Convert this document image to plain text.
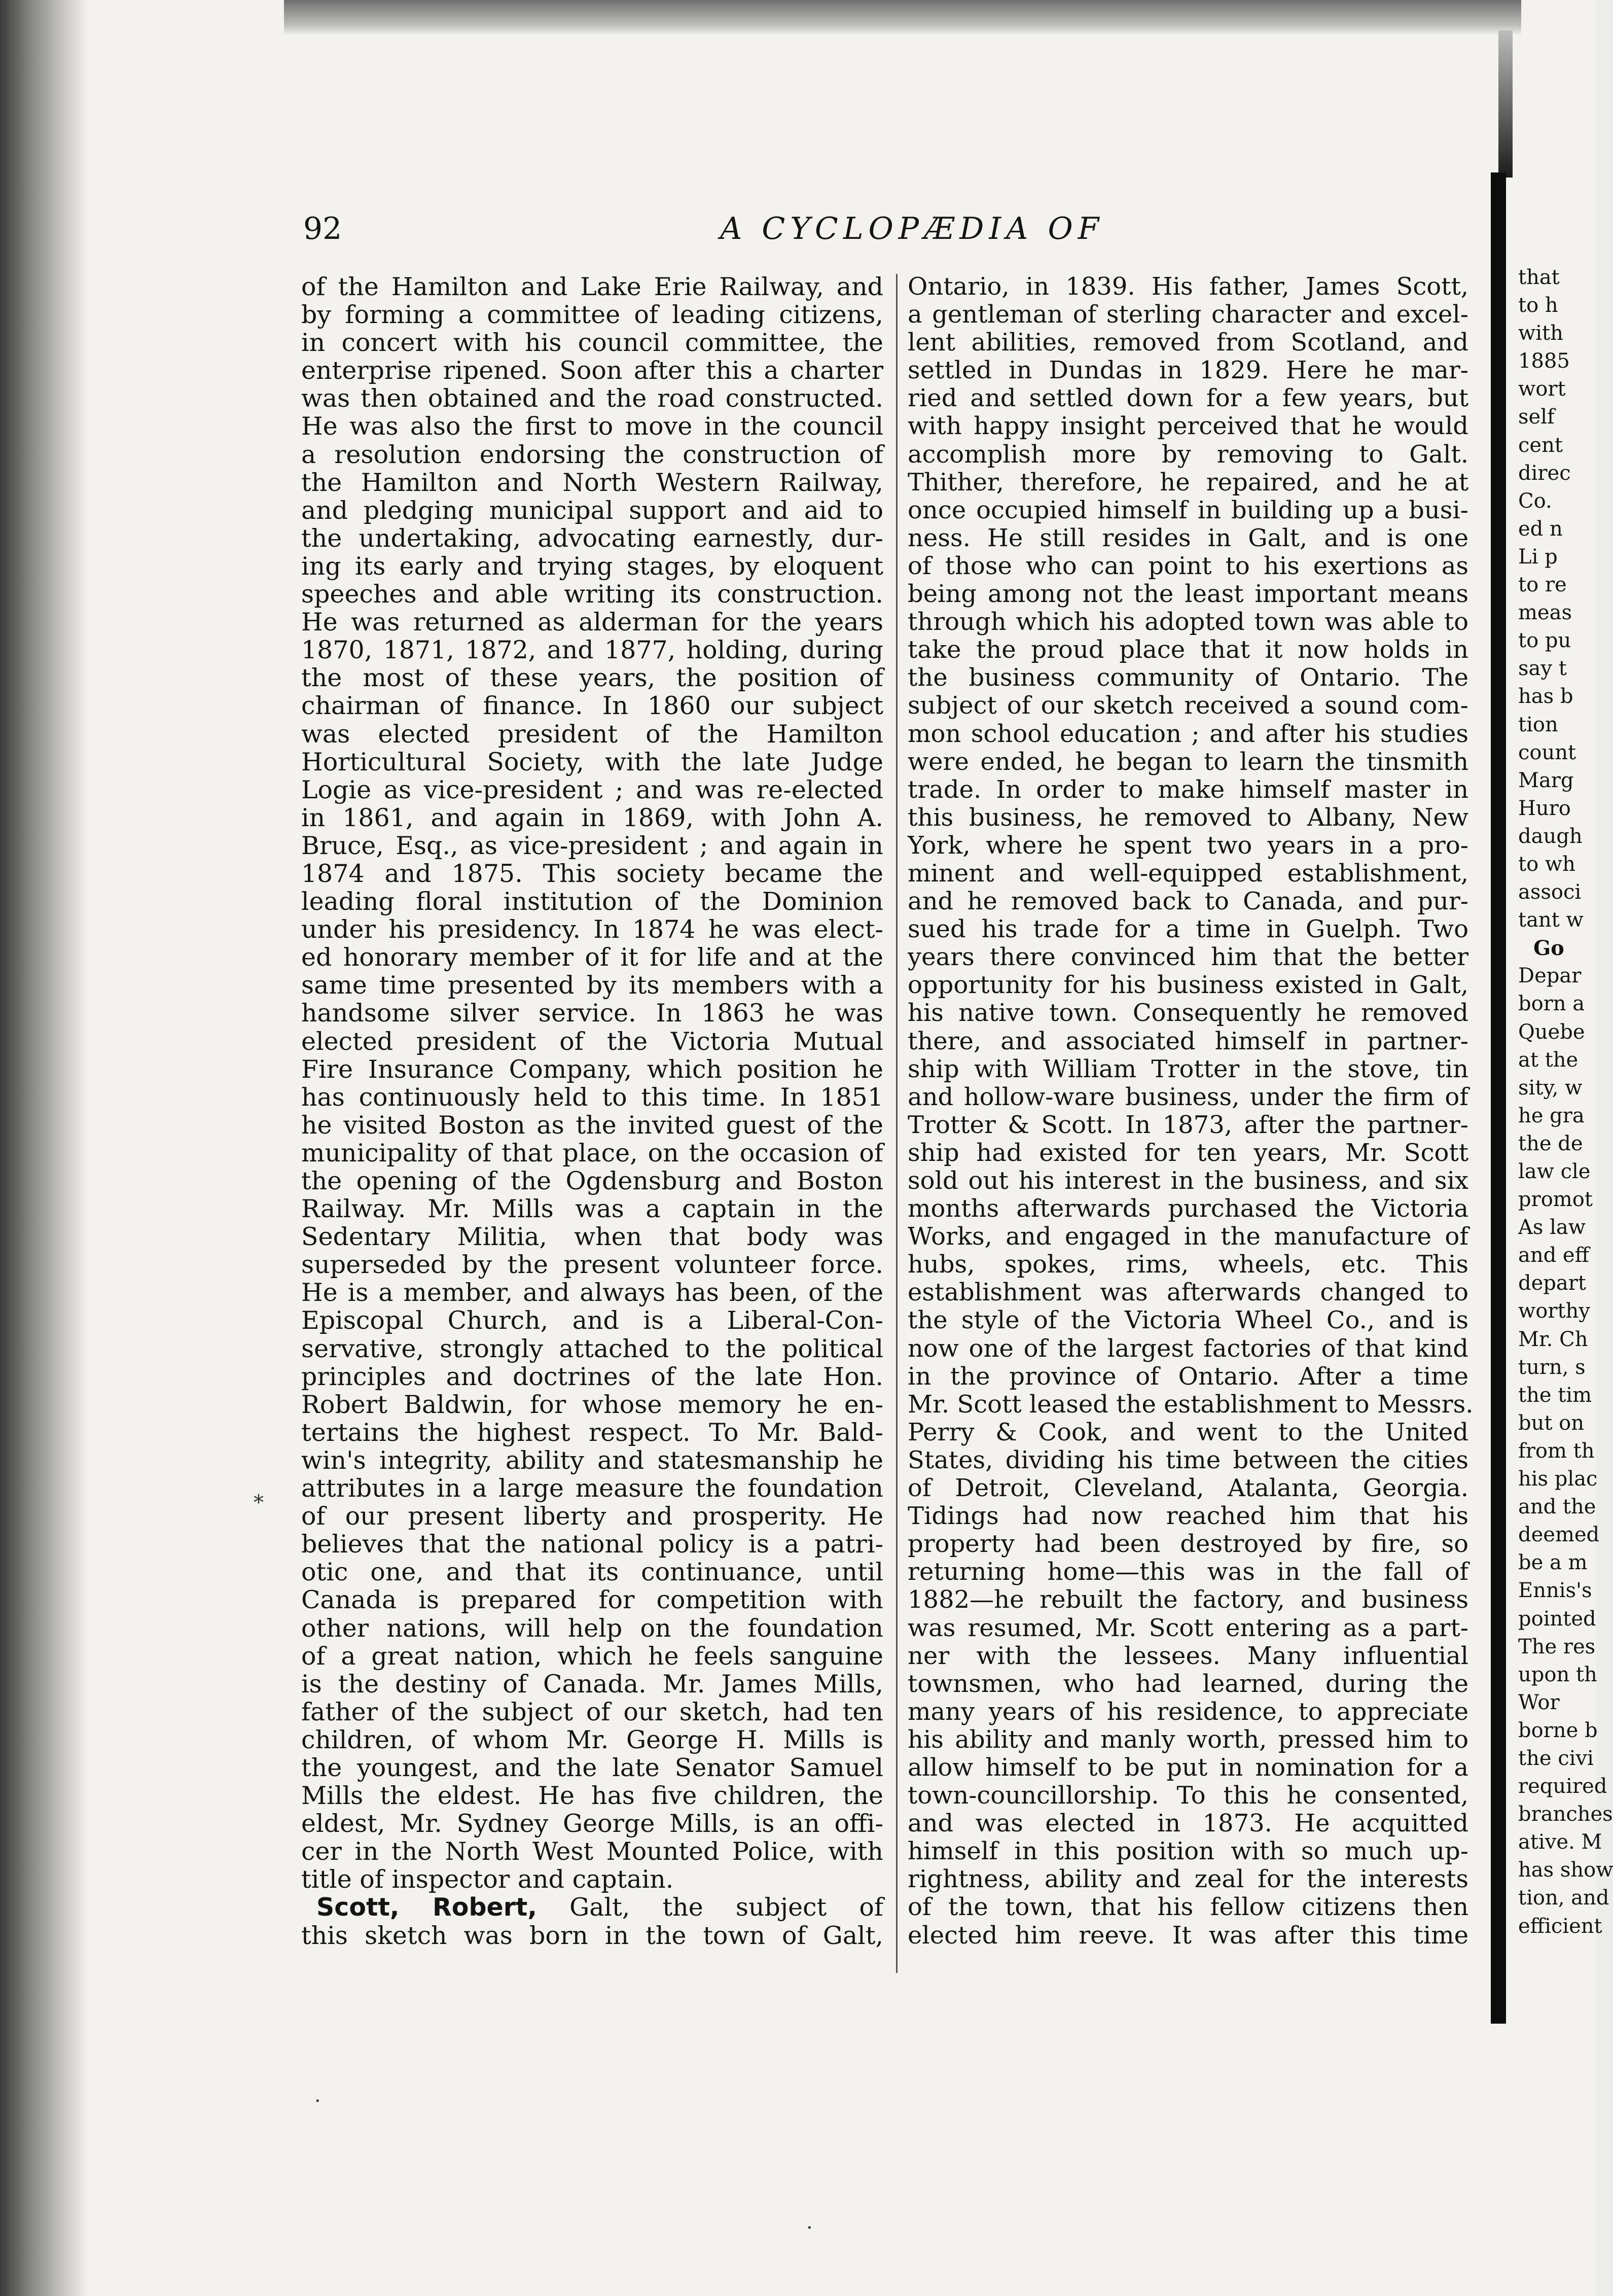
92	A CYCLOPÆDIA OF
of the Hamilton and Lake Erie Railway, and
by forming a committee of leading citizens,
in concert with his council committee, the
enterprise ripened. Soon after this a charter
was then obtained and the road constructed.
He was also the first to move in the council
a resolution endorsing the construction of
the Hamilton and North Western Railway,
and pledging municipal support and aid to
the undertaking, advocating earnestly, dur-
ing its early and trying stages, by eloquent
speeches and able writing its construction.
He was returned as alderman for the years
1870, 1871, 1872, and 1877, holding, during
the most of these years, the position of
chairman of finance. In 1860 our subject
was elected president of the Hamilton
Horticultural Society, with the late Judge
Logie as vice-president ; and was re-elected
in 1861, and again in 1869, with John A.
Bruce, Esq., as vice-president ; and again in
1874 and 1875. This society became the
leading floral institution of the Dominion
under his presidency. In 1874 he was elect-
ed honorary member of it for life and at the
same time presented by its members with a
handsome silver service. In 1863 he was
elected president of the Victoria Mutual
Fire Insurance Company, which position he
has continuously held to this time. In 1851
he visited Boston as the invited guest of the
municipality of that place, on the occasion of
the opening of the Ogdensburg and Boston
Railway. Mr. Mills was a captain in the
Sedentary Militia, when that body was
superseded by the present volunteer force.
He is a member, and always has been, of the
Episcopal Church, and is a Liberal-Con-
servative, strongly attached to the political
principles and doctrines of the late Hon.
Robert Baldwin, for whose memory he en-
tertains the highest respect. To Mr. Bald-
win's integrity, ability and statesmanship he
attributes in a large measure the foundation
of our present liberty and prosperity. He
believes that the national policy is a patri-
otic one, and that its continuance, until
Canada is prepared for competition with
other nations, will help on the foundation
of a great nation, which he feels sanguine
is the destiny of Canada. Mr. James Mills,
father of the subject of our sketch, had ten
children, of whom Mr. George H. Mills is
the youngest, and the late Senator Samuel
Mills the eldest. He has five children, the
eldest, Mr. Sydney George Mills, is an offi-
cer in the North West Mounted Police, with
title of inspector and captain.
Scott, Robert, Galt, the subject of
this sketch was born in the town of Galt,
Ontario, in 1839. His father, James Scott,
a gentleman of sterling character and excel-
lent abilities, removed from Scotland, and
settled in Dundas in 1829. Here he mar-
ried and settled down for a few years, but
with happy insight perceived that he would
accomplish more by removing to Galt.
Thither, therefore, he repaired, and he at
once occupied himself in building up a busi-
ness. He still resides in Galt, and is one
of those who can point to his exertions as
being among not the least important means
through which his adopted town was able to
take the proud place that it now holds in
the business community of Ontario. The
subject of our sketch received a sound com-
mon school education ; and after his studies
were ended, he began to learn the tinsmith
trade. In order to make himself master in
this business, he removed to Albany, New
York, where he spent two years in a pro-
minent and well-equipped establishment,
and he removed back to Canada, and pur-
sued his trade for a time in Guelph. Two
years there convinced him that the better
opportunity for his business existed in Galt,
his native town. Consequently he removed
there, and associated himself in partner-
ship with William Trotter in the stove, tin
and hollow-ware business, under the firm of
Trotter & Scott. In 1873, after the partner-
ship had existed for ten years, Mr. Scott
sold out his interest in the business, and six
months afterwards purchased the Victoria
Works, and engaged in the manufacture of
hubs, spokes, rims, wheels, etc. This
establishment was afterwards changed to
the style of the Victoria Wheel Co., and is
now one of the largest factories of that kind
in the province of Ontario. After a time
Mr. Scott leased the establishment to Messrs.
Perry & Cook, and went to the United
States, dividing his time between the cities
of Detroit, Cleveland, Atalanta, Georgia.
Tidings had now reached him that his
property had been destroyed by fire, so
returning home—this was in the fall of
1882—he rebuilt the factory, and business
was resumed, Mr. Scott entering as a part-
ner with the lessees. Many influential
townsmen, who had learned, during the
many years of his residence, to appreciate
his ability and manly worth, pressed him to
allow himself to be put in nomination for a
town-councillorship. To this he consented,
and was elected in 1873. He acquitted
himself in this position with so much up-
rightness, ability and zeal for the interests
of the town, that his fellow citizens then
elected him reeve. It was after this time
that
to h
with
1885
wort
self
cent
direc
Co.
ed n
Li p
to re
meas
to pu
say t
has b
tion
count
Marg
Huro
daugh
to wh
associ
tant w
Go
Depar
born a
Quebe
at the
sity, w
he gra
the de
law cle
promot
As law
and eff
depart
worthy
Mr. Ch
turn, s
the tim
but on
from th
his plac
and the
deemed
be a m
Ennis's
pointed
The res
upon th
Wor
borne b
the civi
required
branches
ative. M
has show
tion, and
efficient
*
·
·
